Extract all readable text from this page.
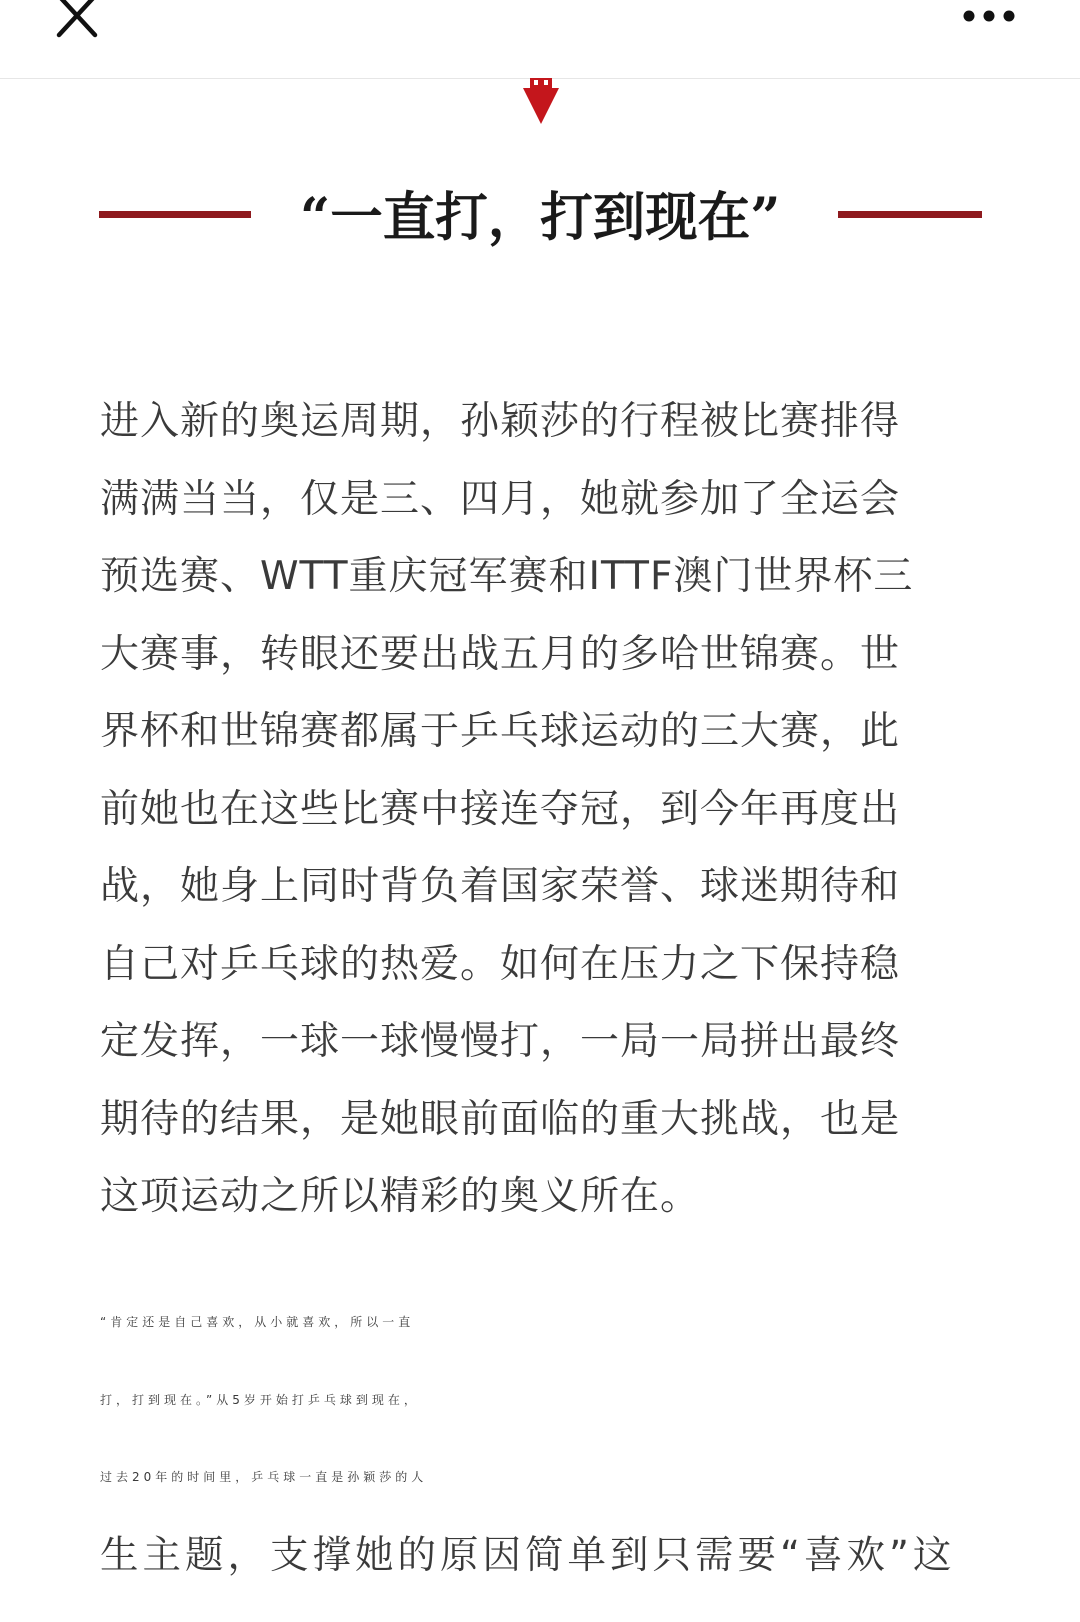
“一直打，打到现在”

进入新的奥运周期，孙颖莎的行程被比赛排得
满满当当，仅是三、四月，她就参加了全运会
预选赛、WTT重庆冠军赛和ITTF澳门世界杯三
大赛事，转眼还要出战五月的多哈世锦赛。世
界杯和世锦赛都属于乒乓球运动的三大赛，此
前她也在这些比赛中接连夺冠，到今年再度出
战，她身上同时背负着国家荣誉、球迷期待和
自己对乒乓球的热爱。如何在压力之下保持稳
定发挥，一球一球慢慢打，一局一局拼出最终
期待的结果，是她眼前面临的重大挑战，也是
这项运动之所以精彩的奥义所在。

“肯定还是自己喜欢，从小就喜欢，所以一直
打，打到现在。”从5岁开始打乒乓球到现在，
过去20年的时间里，乒乓球一直是孙颖莎的人
生主题，支撑她的原因简单到只需要“喜欢”这
